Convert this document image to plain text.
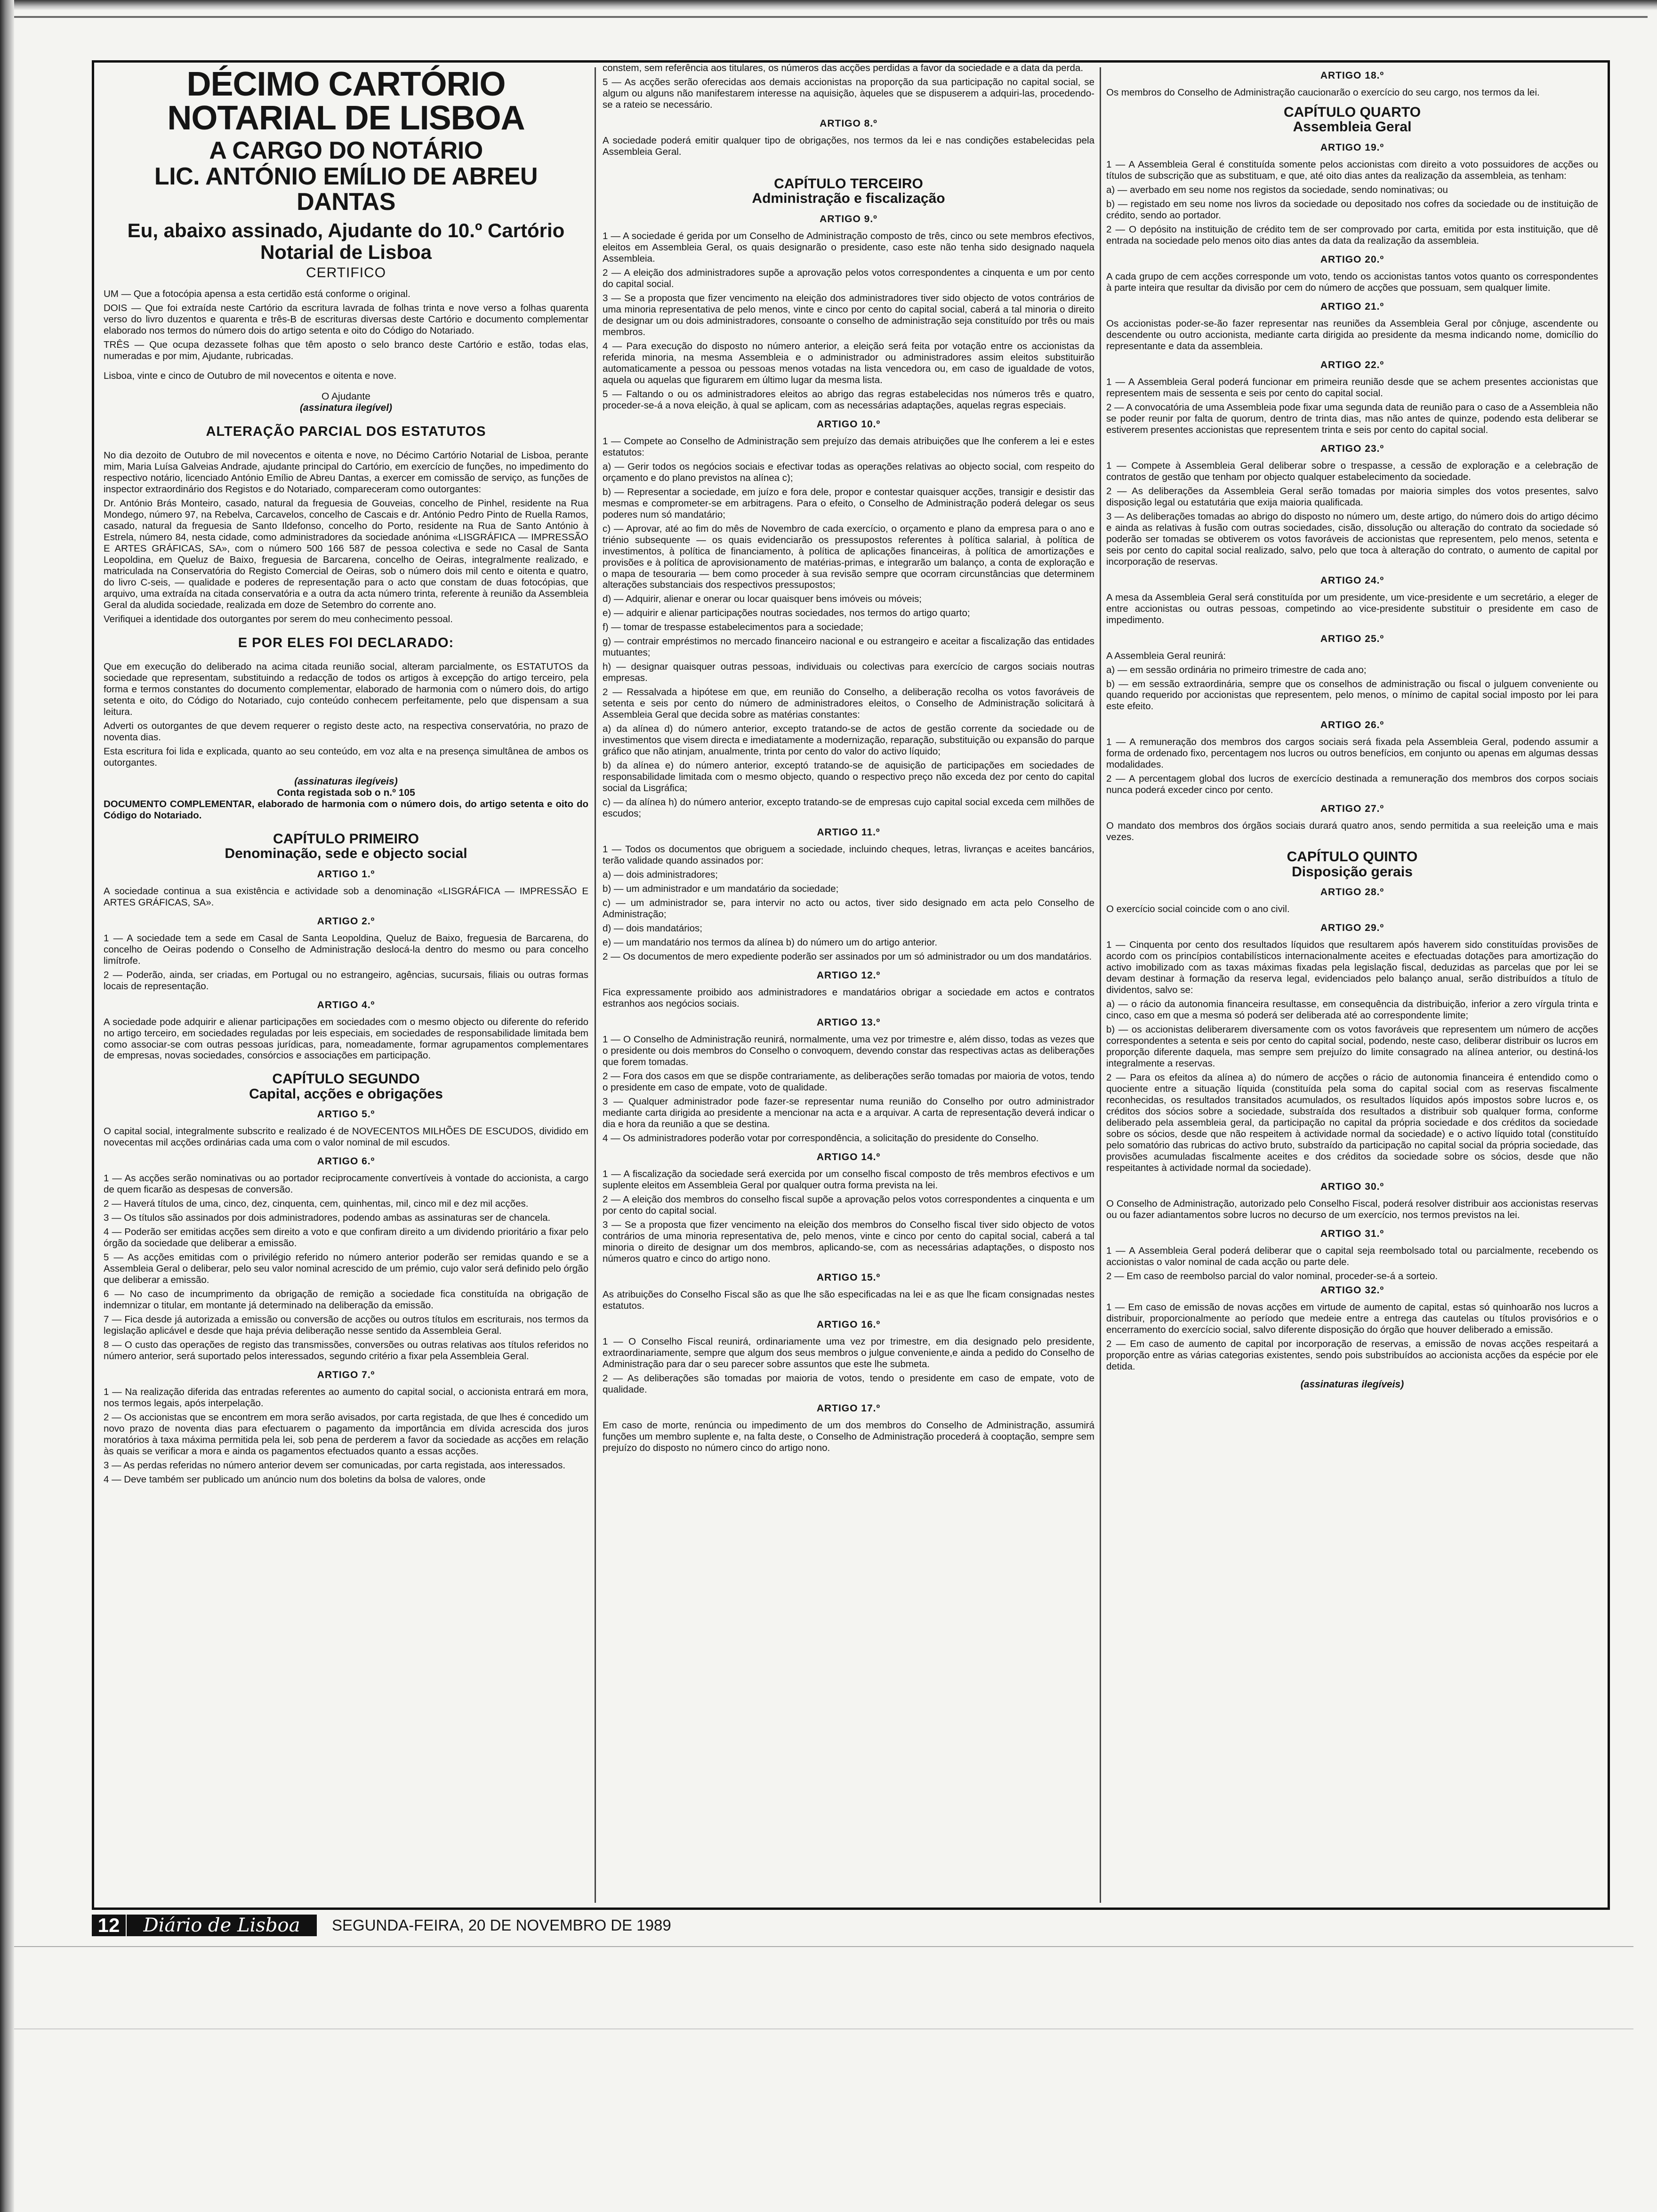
DÉCIMO CARTÓRIO NOTARIAL DE LISBOA
A CARGO DO NOTÁRIO
LIC. ANTÓNIO EMÍLIO DE ABREU DANTAS
Eu, abaixo assinado, Ajudante do 10.º Cartório Notarial de Lisboa
CERTIFICO

UM — Que a fotocópia apensa a esta certidão está conforme o original.

DOIS — Que foi extraída neste Cartório da escritura lavrada de folhas trinta e nove verso a folhas quarenta verso do livro duzentos e quarenta e três-B de escrituras diversas deste Cartório e documento complementar elaborado nos termos do número dois do artigo setenta e oito do Código do Notariado.

TRÊS — Que ocupa dezassete folhas que têm aposto o selo branco deste Cartório e estão, todas elas, numeradas e por mim, Ajudante, rubricadas.

Lisboa, vinte e cinco de Outubro de mil novecentos e oitenta e nove.

O Ajudante
(assinatura ilegível)
ALTERAÇÃO PARCIAL DOS ESTATUTOS

No dia dezoito de Outubro de mil novecentos e oitenta e nove, no Décimo Cartório Notarial de Lisboa, perante mim, Maria Luísa Galveias Andrade, ajudante principal do Cartório, em exercício de funções, no impedimento do respectivo notário, licenciado António Emílio de Abreu Dantas, a exercer em comissão de serviço, as funções de inspector extraordinário dos Registos e do Notariado, compareceram como outorgantes:

Dr. António Brás Monteiro, casado, natural da freguesia de Gouveias, concelho de Pinhel, residente na Rua Mondego, número 97, na Rebelva, Carcavelos, concelho de Cascais e dr. António Pedro Pinto de Ruella Ramos, casado, natural da freguesia de Santo Ildefonso, concelho do Porto, residente na Rua de Santo António à Estrela, número 84, nesta cidade, como administradores da sociedade anónima «LISGRÁFICA — IMPRESSÃO E ARTES GRÁFICAS, SA», com o número 500 166 587 de pessoa colectiva e sede no Casal de Santa Leopoldina, em Queluz de Baixo, freguesia de Barcarena, concelho de Oeiras, integralmente realizado, e matriculada na Conservatória do Registo Comercial de Oeiras, sob o número dois mil cento e oitenta e quatro, do livro C-seis, — qualidade e poderes de representação para o acto que constam de duas fotocópias, que arquivo, uma extraída na citada conservatória e a outra da acta número trinta, referente à reunião da Assembleia Geral da aludida sociedade, realizada em doze de Setembro do corrente ano.

Verifiquei a identidade dos outorgantes por serem do meu conhecimento pessoal.

E POR ELES FOI DECLARADO:

Que em execução do deliberado na acima citada reunião social, alteram parcialmente, os ESTATUTOS da sociedade que representam, substituindo a redacção de todos os artigos à excepção do artigo terceiro, pela forma e termos constantes do documento complementar, elaborado de harmonia com o número dois, do artigo setenta e oito, do Código do Notariado, cujo conteúdo conhecem perfeitamente, pelo que dispensam a sua leitura.

Adverti os outorgantes de que devem requerer o registo deste acto, na respectiva conservatória, no prazo de noventa dias.

Esta escritura foi lida e explicada, quanto ao seu conteúdo, em voz alta e na presença simultânea de ambos os outorgantes.

(assinaturas ilegíveis)
Conta registada sob o n.º 105

DOCUMENTO COMPLEMENTAR, elaborado de harmonia com o número dois, do artigo setenta e oito do Código do Notariado.

CAPÍTULO PRIMEIRO
Denominação, sede e objecto social
ARTIGO 1.º

A sociedade continua a sua existência e actividade sob a denominação «LISGRÁFICA — IMPRESSÃO E ARTES GRÁFICAS, SA».

ARTIGO 2.º

1 — A sociedade tem a sede em Casal de Santa Leopoldina, Queluz de Baixo, freguesia de Barcarena, do concelho de Oeiras podendo o Conselho de Administração deslocá-la dentro do mesmo ou para concelho limítrofe.

2 — Poderão, ainda, ser criadas, em Portugal ou no estrangeiro, agências, sucursais, filiais ou outras formas locais de representação.

ARTIGO 4.º

A sociedade pode adquirir e alienar participações em sociedades com o mesmo objecto ou diferente do referido no artigo terceiro, em sociedades reguladas por leis especiais, em sociedades de responsabilidade limitada bem como associar-se com outras pessoas jurídicas, para, nomeadamente, formar agrupamentos complementares de empresas, novas sociedades, consórcios e associações em participação.

CAPÍTULO SEGUNDO
Capital, acções e obrigações
ARTIGO 5.º

O capital social, integralmente subscrito e realizado é de NOVECENTOS MILHÕES DE ESCUDOS, dividido em novecentas mil acções ordinárias cada uma com o valor nominal de mil escudos.

ARTIGO 6.º

1 — As acções serão nominativas ou ao portador reciprocamente convertíveis à vontade do accionista, a cargo de quem ficarão as despesas de conversão.

2 — Haverá títulos de uma, cinco, dez, cinquenta, cem, quinhentas, mil, cinco mil e dez mil acções.

3 — Os títulos são assinados por dois administradores, podendo ambas as assinaturas ser de chancela.

4 — Poderão ser emitidas acções sem direito a voto e que confiram direito a um dividendo prioritário a fixar pelo órgão da sociedade que deliberar a emissão.

5 — As acções emitidas com o privilégio referido no número anterior poderão ser remidas quando e se a Assembleia Geral o deliberar, pelo seu valor nominal acrescido de um prémio, cujo valor será definido pelo órgão que deliberar a emissão.

6 — No caso de incumprimento da obrigação de remição a sociedade fica constituída na obrigação de indemnizar o titular, em montante já determinado na deliberação da emissão.

7 — Fica desde já autorizada a emissão ou conversão de acções ou outros títulos em escriturais, nos termos da legislação aplicável e desde que haja prévia deliberação nesse sentido da Assembleia Geral.

8 — O custo das operações de registo das transmissões, conversões ou outras relativas aos títulos referidos no número anterior, será suportado pelos interessados, segundo critério a fixar pela Assembleia Geral.

ARTIGO 7.º

1 — Na realização diferida das entradas referentes ao aumento do capital social, o accionista entrará em mora, nos termos legais, após interpelação.

2 — Os accionistas que se encontrem em mora serão avisados, por carta registada, de que lhes é concedido um novo prazo de noventa dias para efectuarem o pagamento da importância em dívida acrescida dos juros moratórios à taxa máxima permitida pela lei, sob pena de perderem a favor da sociedade as acções em relação às quais se verificar a mora e ainda os pagamentos efectuados quanto a essas acções.

3 — As perdas referidas no número anterior devem ser comunicadas, por carta registada, aos interessados.

4 — Deve também ser publicado um anúncio num dos boletins da bolsa de valores, onde

constem, sem referência aos titulares, os números das acções perdidas a favor da sociedade e a data da perda.

5 — As acções serão oferecidas aos demais accionistas na proporção da sua participação no capital social, se algum ou alguns não manifestarem interesse na aquisição, àqueles que se dispuserem a adquiri-las, procedendo-se a rateio se necessário.

ARTIGO 8.º

A sociedade poderá emitir qualquer tipo de obrigações, nos termos da lei e nas condições estabelecidas pela Assembleia Geral.

CAPÍTULO TERCEIRO
Administração e fiscalização
ARTIGO 9.º

1 — A sociedade é gerida por um Conselho de Administração composto de três, cinco ou sete membros efectivos, eleitos em Assembleia Geral, os quais designarão o presidente, caso este não tenha sido designado naquela Assembleia.

2 — A eleição dos administradores supõe a aprovação pelos votos correspondentes a cinquenta e um por cento do capital social.

3 — Se a proposta que fizer vencimento na eleição dos administradores tiver sido objecto de votos contrários de uma minoria representativa de pelo menos, vinte e cinco por cento do capital social, caberá a tal minoria o direito de designar um ou dois administradores, consoante o conselho de administração seja constituído por três ou mais membros.

4 — Para execução do disposto no número anterior, a eleição será feita por votação entre os accionistas da referida minoria, na mesma Assembleia e o administrador ou administradores assim eleitos substituirão automaticamente a pessoa ou pessoas menos votadas na lista vencedora ou, em caso de igualdade de votos, aquela ou aquelas que figurarem em último lugar da mesma lista.

5 — Faltando o ou os administradores eleitos ao abrigo das regras estabelecidas nos números três e quatro, proceder-se-á a nova eleição, à qual se aplicam, com as necessárias adaptações, aquelas regras especiais.

ARTIGO 10.º

1 — Compete ao Conselho de Administração sem prejuízo das demais atribuições que lhe conferem a lei e estes estatutos:

a) — Gerir todos os negócios sociais e efectivar todas as operações relativas ao objecto social, com respeito do orçamento e do plano previstos na alínea c);

b) — Representar a sociedade, em juízo e fora dele, propor e contestar quaisquer acções, transigir e desistir das mesmas e comprometer-se em arbitragens. Para o efeito, o Conselho de Administração poderá delegar os seus poderes num só mandatário;

c) — Aprovar, até ao fim do mês de Novembro de cada exercício, o orçamento e plano da empresa para o ano e triénio subsequente — os quais evidenciarão os pressupostos referentes à política salarial, à política de investimentos, à política de financiamento, à política de aplicações financeiras, à política de amortizações e provisões e à política de aprovisionamento de matérias-primas, e integrarão um balanço, a conta de exploração e o mapa de tesouraria — bem como proceder à sua revisão sempre que ocorram circunstâncias que determinem alterações substanciais dos respectivos pressupostos;

d) — Adquirir, alienar e onerar ou locar quaisquer bens imóveis ou móveis;

e) — adquirir e alienar participações noutras sociedades, nos termos do artigo quarto;

f) — tomar de trespasse estabelecimentos para a sociedade;

g) — contrair empréstimos no mercado financeiro nacional e ou estrangeiro e aceitar a fiscalização das entidades mutuantes;

h) — designar quaisquer outras pessoas, individuais ou colectivas para exercício de cargos sociais noutras empresas.

2 — Ressalvada a hipótese em que, em reunião do Conselho, a deliberação recolha os votos favoráveis de setenta e seis por cento do número de administradores eleitos, o Conselho de Administração solicitará à Assembleia Geral que decida sobre as matérias constantes:

a) da alínea d) do número anterior, excepto tratando-se de actos de gestão corrente da sociedade ou de investimentos que visem directa e imediatamente a modernização, reparação, substituição ou expansão do parque gráfico que não atinjam, anualmente, trinta por cento do valor do activo líquido;

b) da alínea e) do número anterior, exceptó tratando-se de aquisição de participações em sociedades de responsabilidade limitada com o mesmo objecto, quando o respectivo preço não exceda dez por cento do capital social da Lisgráfica;

c) — da alínea h) do número anterior, excepto tratando-se de empresas cujo capital social exceda cem milhões de escudos;

ARTIGO 11.º

1 — Todos os documentos que obriguem a sociedade, incluindo cheques, letras, livranças e aceites bancários, terão validade quando assinados por:

a) — dois administradores;

b) — um administrador e um mandatário da sociedade;

c) — um administrador se, para intervir no acto ou actos, tiver sido designado em acta pelo Conselho de Administração;

d) — dois mandatários;

e) — um mandatário nos termos da alínea b) do número um do artigo anterior.

2 — Os documentos de mero expediente poderão ser assinados por um só administrador ou um dos mandatários.

ARTIGO 12.º

Fica expressamente proibido aos administradores e mandatários obrigar a sociedade em actos e contratos estranhos aos negócios sociais.

ARTIGO 13.º

1 — O Conselho de Administração reunirá, normalmente, uma vez por trimestre e, além disso, todas as vezes que o presidente ou dois membros do Conselho o convoquem, devendo constar das respectivas actas as deliberações que forem tomadas.

2 — Fora dos casos em que se dispõe contrariamente, as deliberações serão tomadas por maioria de votos, tendo o presidente em caso de empate, voto de qualidade.

3 — Qualquer administrador pode fazer-se representar numa reunião do Conselho por outro administrador mediante carta dirigida ao presidente a mencionar na acta e a arquivar. A carta de representação deverá indicar o dia e hora da reunião a que se destina.

4 — Os administradores poderão votar por correspondência, a solicitação do presidente do Conselho.

ARTIGO 14.º

1 — A fiscalização da sociedade será exercida por um conselho fiscal composto de três membros efectivos e um suplente eleitos em Assembleia Geral por qualquer outra forma prevista na lei.

2 — A eleição dos membros do conselho fiscal supõe a aprovação pelos votos correspondentes a cinquenta e um por cento do capital social.

3 — Se a proposta que fizer vencimento na eleição dos membros do Conselho fiscal tiver sido objecto de votos contrários de uma minoria representativa de, pelo menos, vinte e cinco por cento do capital social, caberá a tal minoria o direito de designar um dos membros, aplicando-se, com as necessárias adaptações, o disposto nos números quatro e cinco do artigo nono.

ARTIGO 15.º

As atribuições do Conselho Fiscal são as que lhe são especificadas na lei e as que lhe ficam consignadas nestes estatutos.

ARTIGO 16.º

1 — O Conselho Fiscal reunirá, ordinariamente uma vez por trimestre, em dia designado pelo presidente, extraordinariamente, sempre que algum dos seus membros o julgue conveniente,e ainda a pedido do Conselho de Administração para dar o seu parecer sobre assuntos que este lhe submeta.

2 — As deliberações são tomadas por maioria de votos, tendo o presidente em caso de empate, voto de qualidade.

ARTIGO 17.º

Em caso de morte, renúncia ou impedimento de um dos membros do Conselho de Administração, assumirá funções um membro suplente e, na falta deste, o Conselho de Administração procederá à cooptação, sempre sem prejuízo do disposto no número cinco do artigo nono.

ARTIGO 18.º

Os membros do Conselho de Administração caucionarão o exercício do seu cargo, nos termos da lei.

CAPÍTULO QUARTO
Assembleia Geral
ARTIGO 19.º

1 — A Assembleia Geral é constituída somente pelos accionistas com direito a voto possuidores de acções ou títulos de subscrição que as substituam, e que, até oito dias antes da realização da assembleia, as tenham:

a) — averbado em seu nome nos registos da sociedade, sendo nominativas; ou

b) — registado em seu nome nos livros da sociedade ou depositado nos cofres da sociedade ou de instituição de crédito, sendo ao portador.

2 — O depósito na instituição de crédito tem de ser comprovado por carta, emitida por esta instituição, que dê entrada na sociedade pelo menos oito dias antes da data da realização da assembleia.

ARTIGO 20.º

A cada grupo de cem acções corresponde um voto, tendo os accionistas tantos votos quanto os correspondentes à parte inteira que resultar da divisão por cem do número de acções que possuam, sem qualquer limite.

ARTIGO 21.º

Os accionistas poder-se-ão fazer representar nas reuniões da Assembleia Geral por cônjuge, ascendente ou descendente ou outro accionista, mediante carta dirigida ao presidente da mesma indicando nome, domicílio do representante e data da assembleia.

ARTIGO 22.º

1 — A Assembleia Geral poderá funcionar em primeira reunião desde que se achem presentes accionistas que representem mais de sessenta e seis por cento do capital social.

2 — A convocatória de uma Assembleia pode fixar uma segunda data de reunião para o caso de a Assembleia não se poder reunir por falta de quorum, dentro de trinta dias, mas não antes de quinze, podendo esta deliberar se estiverem presentes accionistas que representem trinta e seis por cento do capital social.

ARTIGO 23.º

1 — Compete à Assembleia Geral deliberar sobre o trespasse, a cessão de exploração e a celebração de contratos de gestão que tenham por objecto qualquer estabelecimento da sociedade.

2 — As deliberações da Assembleia Geral serão tomadas por maioria simples dos votos presentes, salvo disposição legal ou estatutária que exija maioria qualificada.

3 — As deliberações tomadas ao abrigo do disposto no número um, deste artigo, do número dois do artigo décimo e ainda as relativas à fusão com outras sociedades, cisão, dissolução ou alteração do contrato da sociedade só poderão ser tomadas se obtiverem os votos favoráveis de accionistas que representem, pelo menos, setenta e seis por cento do capital social realizado, salvo, pelo que toca à alteração do contrato, o aumento de capital por incorporação de reservas.

ARTIGO 24.º

A mesa da Assembleia Geral será constituída por um presidente, um vice-presidente e um secretário, a eleger de entre accionistas ou outras pessoas, competindo ao vice-presidente substituir o presidente em caso de impedimento.

ARTIGO 25.º

A Assembleia Geral reunirá:

a) — em sessão ordinária no primeiro trimestre de cada ano;

b) — em sessão extraordinária, sempre que os conselhos de administração ou fiscal o julguem conveniente ou quando requerido por accionistas que representem, pelo menos, o mínimo de capital social imposto por lei para este efeito.

ARTIGO 26.º

1 — A remuneração dos membros dos cargos sociais será fixada pela Assembleia Geral, podendo assumir a forma de ordenado fixo, percentagem nos lucros ou outros benefícios, em conjunto ou apenas em algumas dessas modalidades.

2 — A percentagem global dos lucros de exercício destinada a remuneração dos membros dos corpos sociais nunca poderá exceder cinco por cento.

ARTIGO 27.º

O mandato dos membros dos órgãos sociais durará quatro anos, sendo permitida a sua reeleição uma e mais vezes.

CAPÍTULO QUINTO
Disposição gerais
ARTIGO 28.º

O exercício social coincide com o ano civil.

ARTIGO 29.º

1 — Cinquenta por cento dos resultados líquidos que resultarem após haverem sido constituídas provisões de acordo com os princípios contabilísticos internacionalmente aceites e efectuadas dotações para amortização do activo imobilizado com as taxas máximas fixadas pela legislação fiscal, deduzidas as parcelas que por lei se devam destinar à formação da reserva legal, evidenciados pelo balanço anual, serão distribuídos a título de dividentos, salvo se:

a) — o rácio da autonomia financeira resultasse, em consequência da distribuição, inferior a zero vírgula trinta e cinco, caso em que a mesma só poderá ser deliberada até ao correspondente limite;

b) — os accionistas deliberarem diversamente com os votos favoráveis que representem um número de acções correspondentes a setenta e seis por cento do capital social, podendo, neste caso, deliberar distribuir os lucros em proporção diferente daquela, mas sempre sem prejuízo do limite consagrado na alínea anterior, ou destiná-los integralmente a reservas.

2 — Para os efeitos da alínea a) do número de acções o rácio de autonomia financeira é entendido como o quociente entre a situação líquida (constituída pela soma do capital social com as reservas fiscalmente reconhecidas, os resultados transitados acumulados, os resultados líquidos após impostos sobre lucros e, os créditos dos sócios sobre a sociedade, substraída dos resultados a distribuir sob qualquer forma, conforme deliberado pela assembleia geral, da participação no capital da própria sociedade e dos créditos da sociedade sobre os sócios, desde que não respeitem à actividade normal da sociedade) e o activo líquido total (constituído pelo somatório das rubricas do activo bruto, substraído da participação no capital social da própria sociedade, das provisões acumuladas fiscalmente aceites e dos créditos da sociedade sobre os sócios, desde que não respeitantes à actividade normal da sociedade).

ARTIGO 30.º

O Conselho de Administração, autorizado pelo Conselho Fiscal, poderá resolver distribuir aos accionistas reservas ou ou fazer adiantamentos sobre lucros no decurso de um exercício, nos termos previstos na lei.

ARTIGO 31.º

1 — A Assembleia Geral poderá deliberar que o capital seja reembolsado total ou parcialmente, recebendo os accionistas o valor nominal de cada acção ou parte dele.

2 — Em caso de reembolso parcial do valor nominal, proceder-se-á a sorteio.

ARTIGO 32.º

1 — Em caso de emissão de novas acções em virtude de aumento de capital, estas só quinhoarão nos lucros a distribuir, proporcionalmente ao período que medeie entre a entrega das cautelas ou títulos provisórios e o encerramento do exercício social, salvo diferente disposição do órgão que houver deliberado a emissão.

2 — Em caso de aumento de capital por incorporação de reservas, a emissão de novas acções respeitará a proporção entre as várias categorias existentes, sendo pois substribuídos ao accionista acções da espécie por ele detida.

(assinaturas ilegíveis)
12	Diário de Lisboa	SEGUNDA-FEIRA, 20 DE NOVEMBRO DE 1989
